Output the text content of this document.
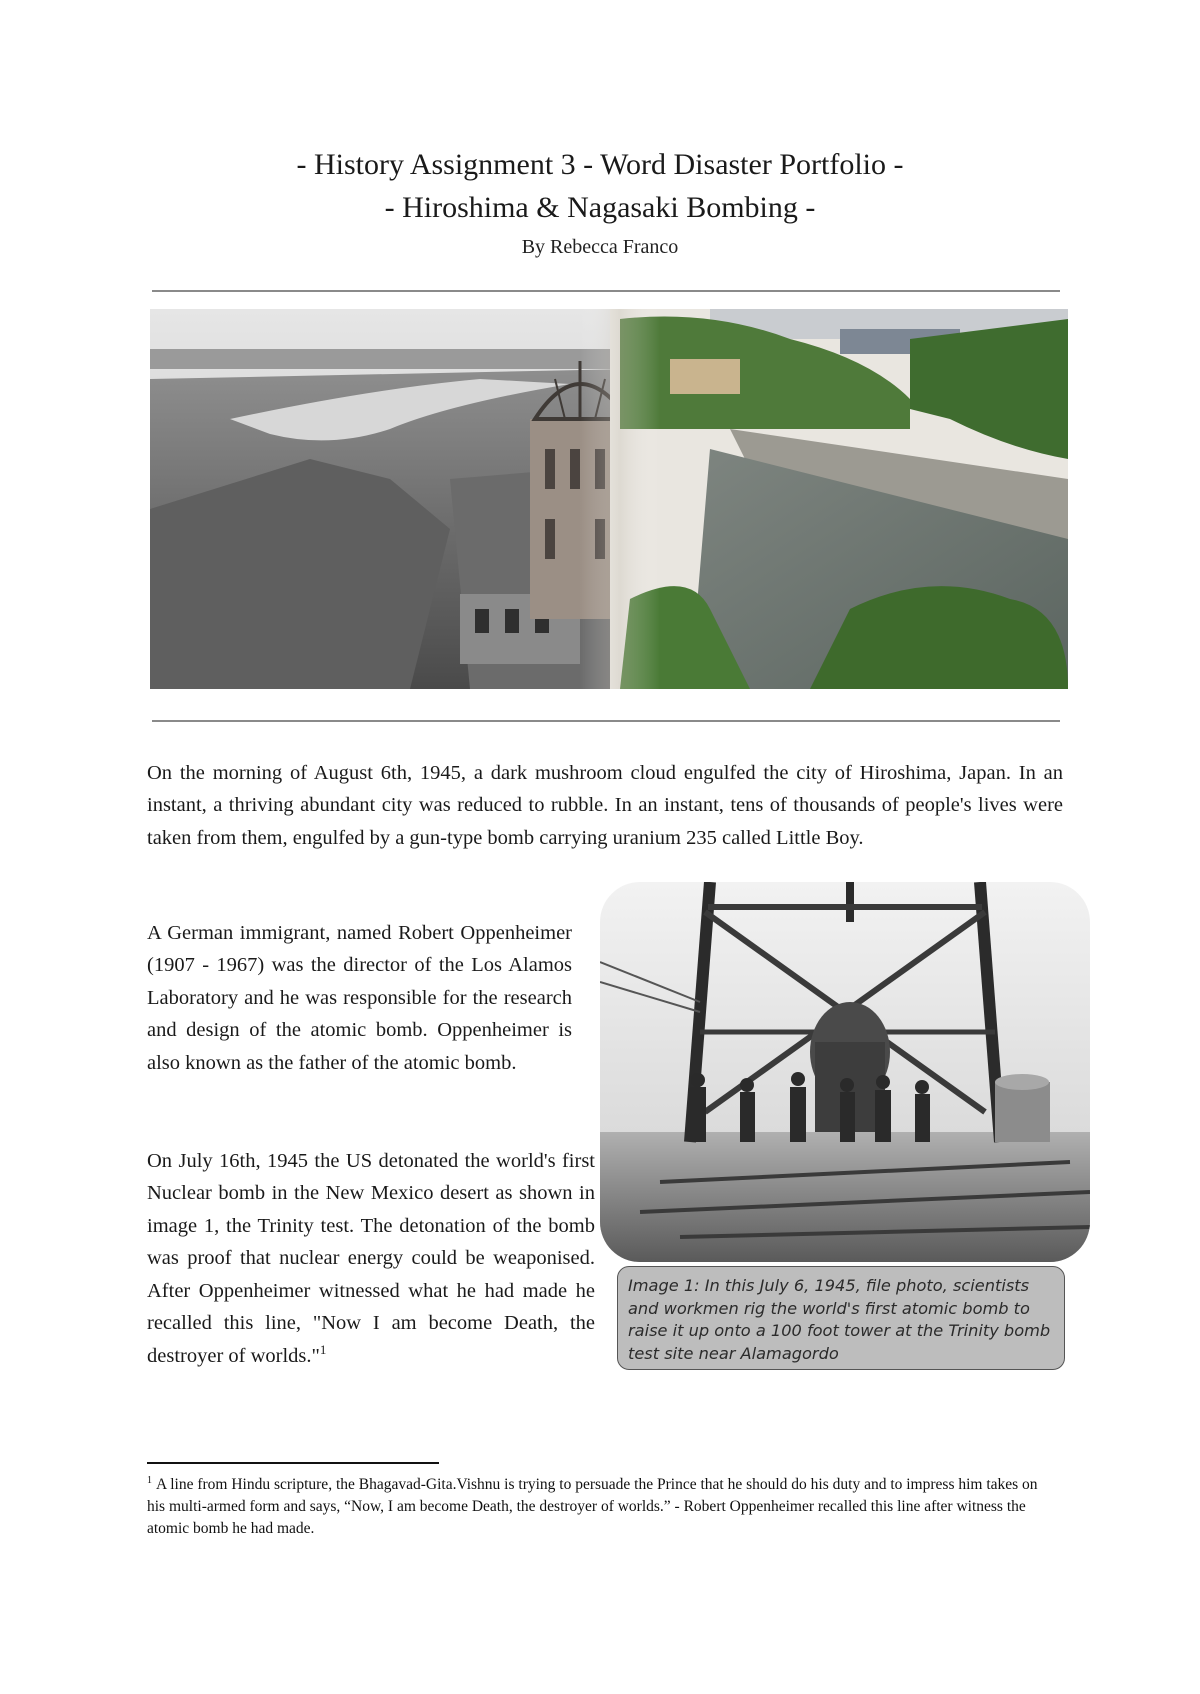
- History Assignment 3 - Word Disaster Portfolio -
- Hiroshima & Nagasaki Bombing -
By Rebecca Franco

On the morning of August 6th, 1945, a dark mushroom cloud engulfed the city of Hiroshima, Japan. In an instant, a thriving abundant city was reduced to rubble. In an instant, tens of thousands of people's lives were taken from them, engulfed by a gun-type bomb carrying uranium 235 called Little Boy.

A German immigrant, named Robert Oppenheimer (1907 - 1967) was the director of the Los Alamos Laboratory and he was responsible for the research and design of the atomic bomb. Oppenheimer is also known as the father of the atomic bomb.

On July 16th, 1945 the US detonated the world's first Nuclear bomb in the New Mexico desert as shown in image 1, the Trinity test. The detonation of the bomb was proof that nuclear energy could be weaponised. After Oppenheimer witnessed what he had made he recalled this line, "Now I am become Death, the destroyer of worlds."$^1$

Image 1: In this July 6, 1945, file photo, scientists and workmen rig the world's first atomic bomb to raise it up onto a 100 foot tower at the Trinity bomb test site near Alamagordo
$^1$ A line from Hindu scripture, the Bhagavad-Gita.Vishnu is trying to persuade the Prince that he should do his duty and to impress him takes on his multi-armed form and says, “Now, I am become Death, the destroyer of worlds.” - Robert Oppenheimer recalled this line after witness the atomic bomb he had made.
